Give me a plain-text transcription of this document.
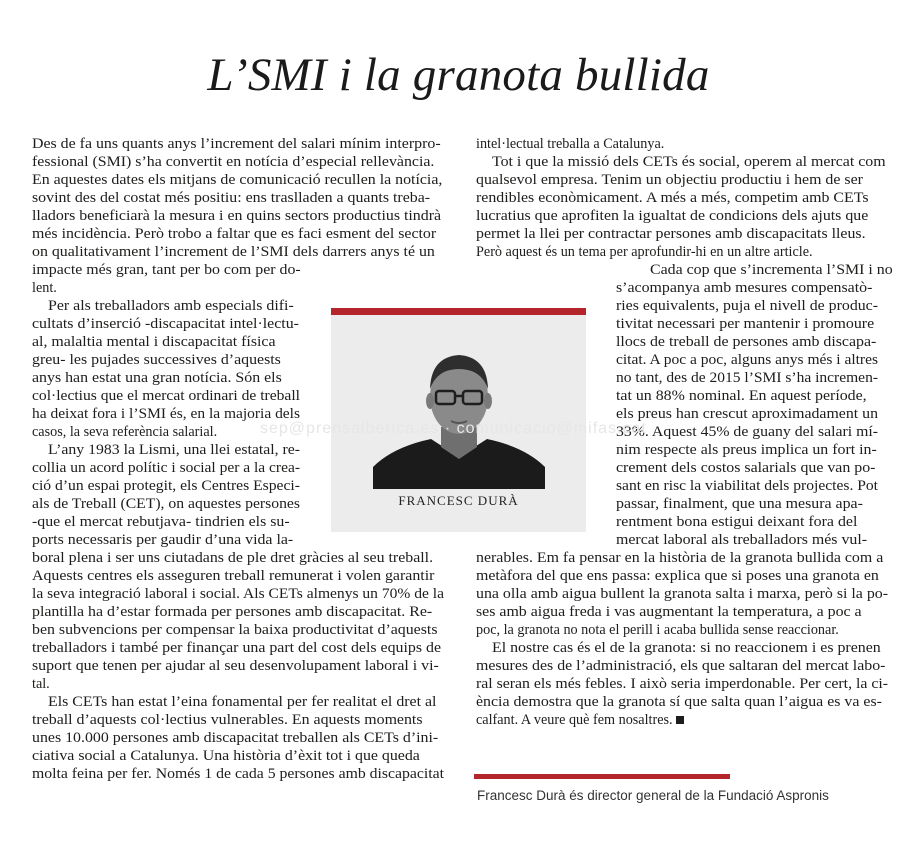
L’SMI i la granota bullida
Des de fa uns quants anys l’increment del salari mínim interpro-
fessional (SMI) s’ha convertit en notícia d’especial rellevància.
En aquestes dates els mitjans de comunicació recullen la notícia,
sovint des del costat més positiu: ens traslladen a quants treba-
lladors beneficiarà la mesura i en quins sectors productius tindrà
més incidència. Però trobo a faltar que es faci esment del sector
on qualitativament l’increment de l’SMI dels darrers anys té un
impacte més gran, tant per bo com per do-
lent.
Per als treballadors amb especials difi-
cultats d’inserció -discapacitat intel·lectu-
al, malaltia mental i discapacitat física
greu- les pujades successives d’aquests
anys han estat una gran notícia. Són els
col·lectius que el mercat ordinari de treball
ha deixat fora i l’SMI és, en la majoria dels
casos, la seva referència salarial.
L’any 1983 la Lismi, una llei estatal, re-
collia un acord polític i social per a la crea-
ció d’un espai protegit, els Centres Especi-
als de Treball (CET), on aquestes persones
-que el mercat rebutjava- tindrien els su-
ports necessaris per gaudir d’una vida la-
boral plena i ser uns ciutadans de ple dret gràcies al seu treball.
Aquests centres els asseguren treball remunerat i volen garantir
la seva integració laboral i social. Als CETs almenys un 70% de la
plantilla ha d’estar formada per persones amb discapacitat. Re-
ben subvencions per compensar la baixa productivitat d’aquests
treballadors i també per finançar una part del cost dels equips de
suport que tenen per ajudar al seu desenvolupament laboral i vi-
tal.
Els CETs han estat l’eina fonamental per fer realitat el dret al
treball d’aquests col·lectius vulnerables. En aquests moments
unes 10.000 persones amb discapacitat treballen als CETs d’ini-
ciativa social a Catalunya. Una història d’èxit tot i que queda
molta feina per fer. Només 1 de cada 5 persones amb discapacitat
intel·lectual treballa a Catalunya.
Tot i que la missió dels CETs és social, operem al mercat com
qualsevol empresa. Tenim un objectiu productiu i hem de ser
rendibles econòmicament. A més a més, competim amb CETs
lucratius que aprofiten la igualtat de condicions dels ajuts que
permet la llei per contractar persones amb discapacitats lleus.
Però aquest és un tema per aprofundir-hi en un altre article.
Cada cop que s’incrementa l’SMI i no
s’acompanya amb mesures compensatò-
ries equivalents, puja el nivell de produc-
tivitat necessari per mantenir i promoure
llocs de treball de persones amb discapa-
citat. A poc a poc, alguns anys més i altres
no tant, des de 2015 l’SMI s’ha incremen-
tat un 88% nominal. En aquest període,
els preus han crescut aproximadament un
33%. Aquest 45% de guany del salari mí-
nim respecte als preus implica un fort in-
crement dels costos salarials que van po-
sant en risc la viabilitat dels projectes. Pot
passar, finalment, que una mesura apa-
rentment bona estigui deixant fora del
mercat laboral als treballadors més vul-
nerables. Em fa pensar en la història de la granota bullida com a
metàfora del que ens passa: explica que si poses una granota en
una olla amb aigua bullent la granota salta i marxa, però si la po-
ses amb aigua freda i vas augmentant la temperatura, a poc a
poc, la granota no nota el perill i acaba bullida sense reaccionar.
El nostre cas és el de la granota: si no reaccionem i es prenen
mesures des de l’administració, els que saltaran del mercat labo-
ral seran els més febles. I això seria imperdonable. Per cert, la ci-
ència demostra que la granota sí que salta quan l’aigua es va es-
calfant. A veure què fem nosaltres.
FRANCESC DURÀ
sep@prensaiberica.es · comunicacio@mifas.cat
Francesc Durà és director general de la Fundació Aspronis
